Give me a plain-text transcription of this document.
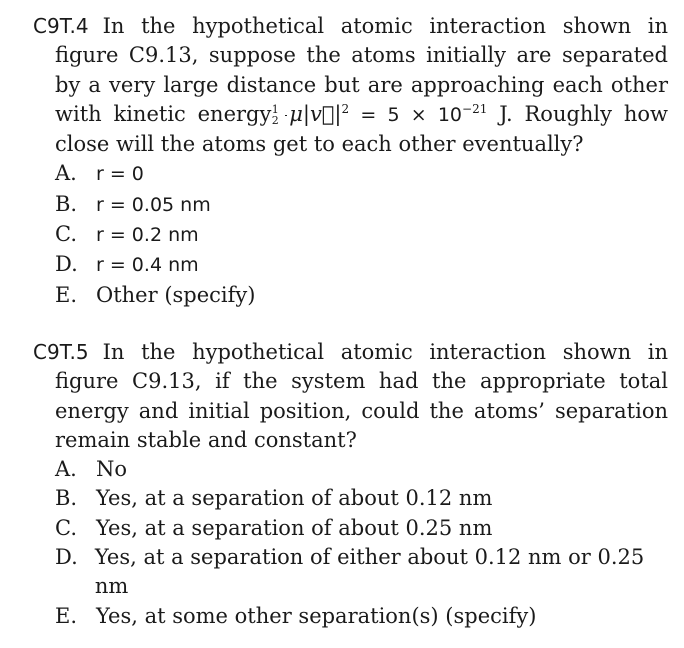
C9T.4 In the hypothetical atomic interaction shown in figure C9.13, suppose the atoms initially are separated by a very large distance but are approaching each other with kinetic energy $\frac{1}{2}$ $\mu|v⃗|^2 = 5 \times 10^{-21}$ J. Roughly how close will the atoms get to each other eventually?

A.	r = 0
B. r = 0.05 nm
C.	r = 0.2 nm
D. r = 0.4 nm
E. Other (specify)

C9T.5 In the hypothetical atomic interaction shown in figure C9.13, if the system had the appropriate total energy and initial position, could the atoms’ separation remain stable and constant?

A. No
B. Yes, at a separation of about 0.12 nm
C. Yes, at a separation of about 0.25 nm
D. Yes, at a separation of either about 0.12 nm or 0.25 nm
E. Yes, at some other separation(s) (specify)
